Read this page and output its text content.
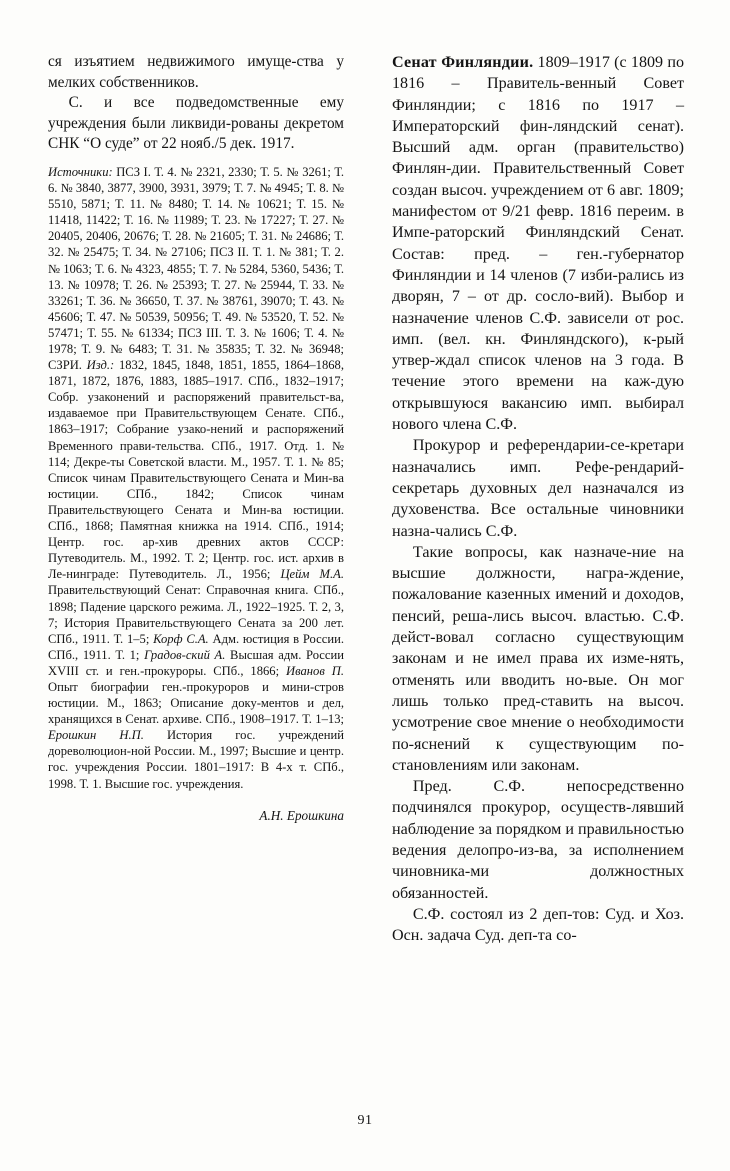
ся изъятием недвижимого имуще-ства у мелких собственников.

С. и все подведомственные ему учреждения были ликвиди-рованы декретом СНК “О суде” от 22 нояб./5 дек. 1917.

Источники: ПСЗ I. Т. 4. № 2321, 2330; Т. 5. № 3261; Т. 6. № 3840, 3877, 3900, 3931, 3979; Т. 7. № 4945; Т. 8. № 5510, 5871; Т. 11. № 8480; Т. 14. № 10621; Т. 15. № 11418, 11422; Т. 16. № 11989; Т. 23. № 17227; Т. 27. № 20405, 20406, 20676; Т. 28. № 21605; Т. 31. № 24686; Т. 32. № 25475; Т. 34. № 27106; ПСЗ II. Т. 1. № 381; Т. 2. № 1063; Т. 6. № 4323, 4855; Т. 7. № 5284, 5360, 5436; Т. 13. № 10978; Т. 26. № 25393; Т. 27. № 25944, Т. 33. № 33261; Т. 36. № 36650, Т. 37. № 38761, 39070; Т. 43. № 45606; Т. 47. № 50539, 50956; Т. 49. № 53520, Т. 52. № 57471; Т. 55. № 61334; ПСЗ III. Т. 3. № 1606; Т. 4. № 1978; Т. 9. № 6483; Т. 31. № 35835; Т. 32. № 36948; СЗРИ. Изд.: 1832, 1845, 1848, 1851, 1855, 1864–1868, 1871, 1872, 1876, 1883, 1885–1917. СПб., 1832–1917; Собр. узаконений и распоряжений правительст-ва, издаваемое при Правительствующем Сенате. СПб., 1863–1917; Собрание узако-нений и распоряжений Временного прави-тельства. СПб., 1917. Отд. 1. № 114; Декре-ты Советской власти. М., 1957. Т. 1. № 85; Список чинам Правительствующего Сената и Мин-ва юстиции. СПб., 1842; Список чинам Правительствующего Сената и Мин-ва юстиции. СПб., 1868; Памятная книжка на 1914. СПб., 1914; Центр. гос. ар-хив древних актов СССР: Путеводитель. М., 1992. Т. 2; Центр. гос. ист. архив в Ле-нинграде: Путеводитель. Л., 1956; Цейм М.А. Правительствующий Сенат: Справочная книга. СПб., 1898; Падение царского режима. Л., 1922–1925. Т. 2, 3, 7; История Правительствующего Сената за 200 лет. СПб., 1911. Т. 1–5; Корф С.А. Адм. юстиция в России. СПб., 1911. Т. 1; Градов-ский А. Высшая адм. России XVIII ст. и ген.-прокуроры. СПб., 1866; Иванов П. Опыт биографии ген.-прокуроров и мини-стров юстиции. М., 1863; Описание доку-ментов и дел, хранящихся в Сенат. архиве. СПб., 1908–1917. Т. 1–13; Ерошкин Н.П. История гос. учреждений дореволюцион-ной России. М., 1997; Высшие и центр. гос. учреждения России. 1801–1917: В 4-х т. СПб., 1998. Т. 1. Высшие гос. учреждения.

А.Н. Ерошкина

Сенат Финляндии. 1809–1917 (с 1809 по 1816 – Правитель-венный Совет Финляндии; с 1816 по 1917 – Императорский фин-ляндский сенат). Высший адм. орган (правительство) Финлян-дии. Правительственный Совет создан высоч. учреждением от 6 авг. 1809; манифестом от 9/21 февр. 1816 переим. в Импе-раторский Финляндский Сенат. Состав: пред. – ген.-губернатор Финляндии и 14 членов (7 изби-рались из дворян, 7 – от др. сосло-вий). Выбор и назначение членов С.Ф. зависели от рос. имп. (вел. кн. Финляндского), к-рый утвер-ждал список членов на 3 года. В течение этого времени на каж-дую открывшуюся вакансию имп. выбирал нового члена С.Ф.

Прокурор и референдарии-се-кретари назначались имп. Рефе-рендарий-секретарь духовных дел назначался из духовенства. Все остальные чиновники назна-чались С.Ф.

Такие вопросы, как назначе-ние на высшие должности, награ-ждение, пожалование казенных имений и доходов, пенсий, реша-лись высоч. властью. С.Ф. дейст-вовал согласно существующим законам и не имел права их изме-нять, отменять или вводить но-вые. Он мог лишь только пред-ставить на высоч. усмотрение свое мнение о необходимости по-яснений к существующим по-становлениям или законам.

Пред. С.Ф. непосредственно подчинялся прокурор, осуществ-лявший наблюдение за порядком и правильностью ведения делопро-из-ва, за исполнением чиновника-ми должностных обязанностей.

С.Ф. состоял из 2 деп-тов: Суд. и Хоз. Осн. задача Суд. деп-та со-

91
